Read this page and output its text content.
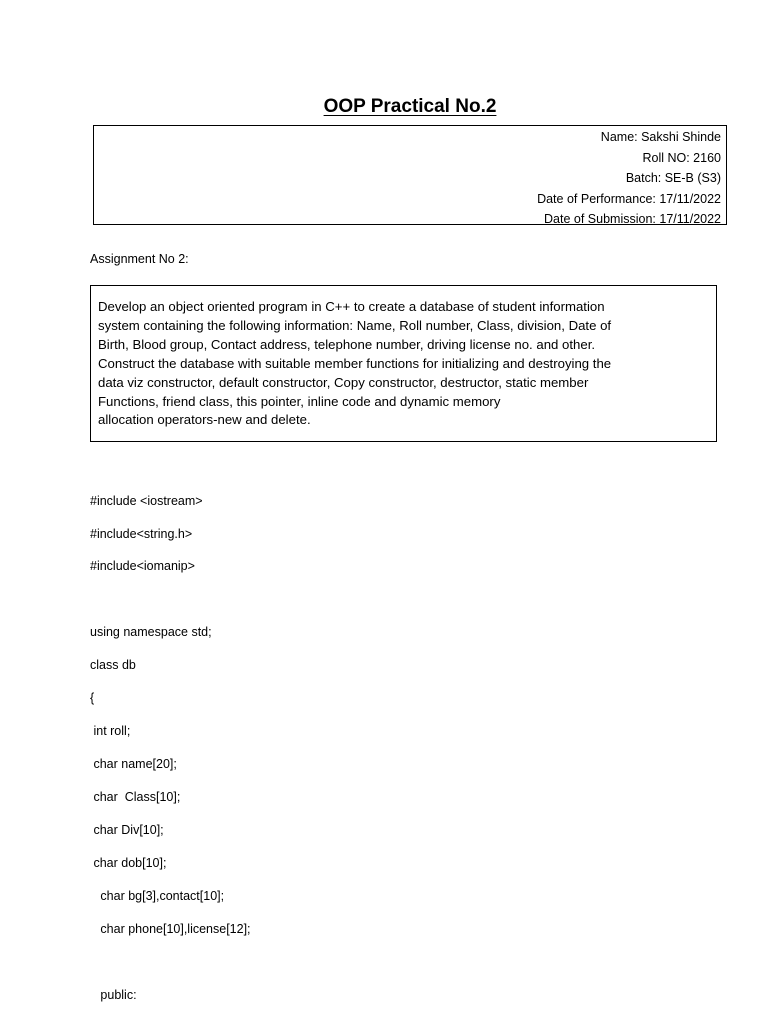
OOP Practical No.2
Name: Sakshi Shinde
Roll NO: 2160
Batch: SE-B (S3)
Date of Performance: 17/11/2022
Date of Submission: 17/11/2022
Assignment No 2:
Develop an object oriented program in C++ to create a database of student information
system containing the following information: Name, Roll number, Class, division, Date of
Birth, Blood group, Contact address, telephone number, driving license no. and other.
Construct the database with suitable member functions for initializing and destroying the
data viz constructor, default constructor, Copy constructor, destructor, static member
Functions, friend class, this pointer, inline code and dynamic memory
allocation operators-new and delete.
#include <iostream>
#include<string.h>
#include<iomanip>
using namespace std;
class db
{
int roll;
char name[20];
char  Class[10];
char Div[10];
char dob[10];
char bg[3],contact[10];
char phone[10],license[12];
public:
